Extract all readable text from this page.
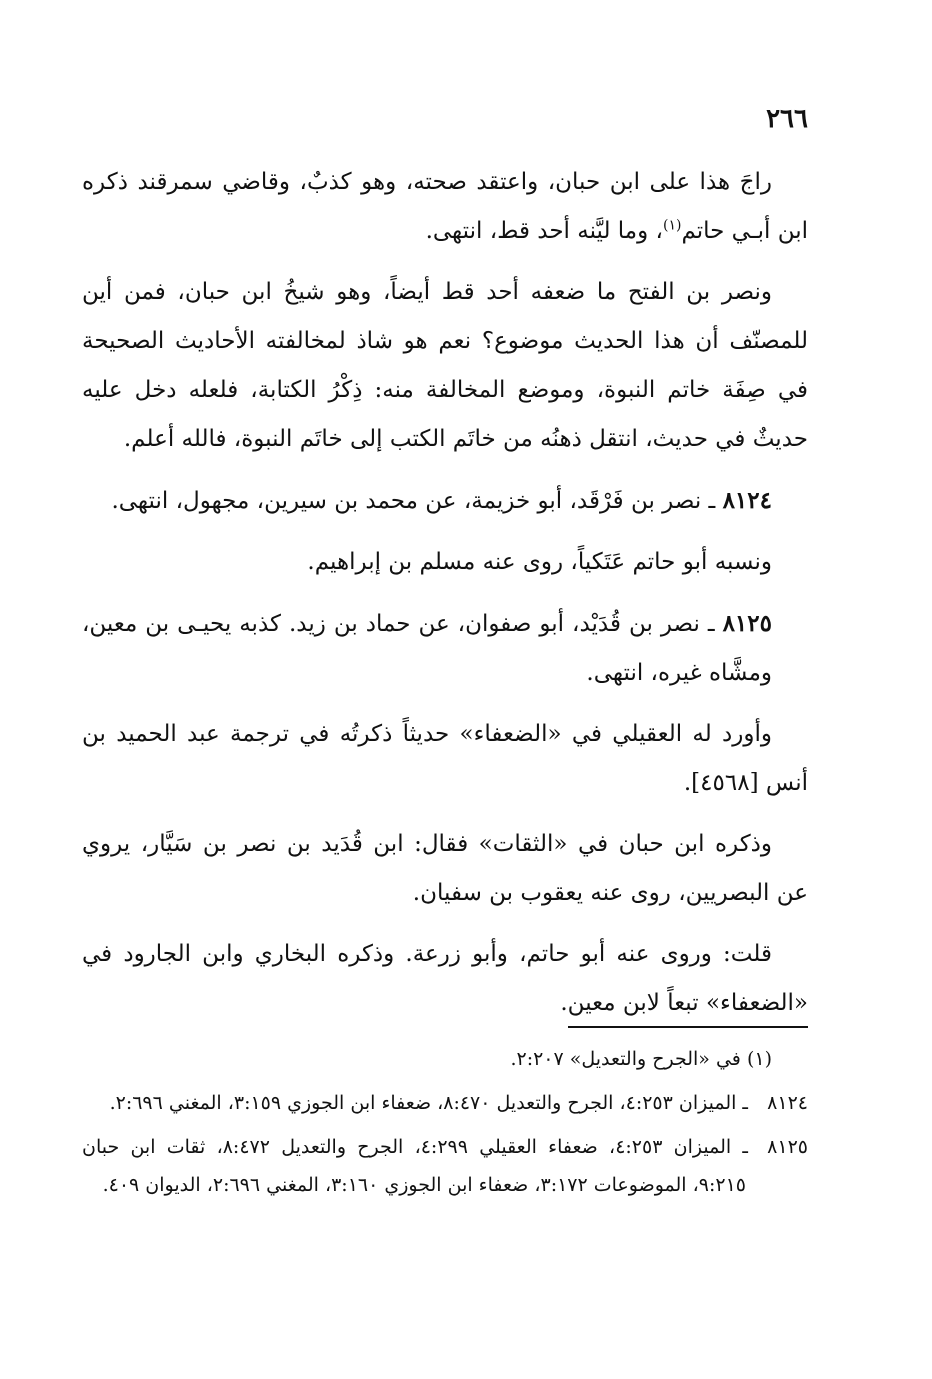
٢٦٦

راجَ هذا على ابن حبان، واعتقد صحته، وهو كذبٌ، وقاضي سمرقند ذكره ابن أبـي حاتم$^{(١)}$، وما ليَّنه أحد قط، انتهى.

ونصر بن الفتح ما ضعفه أحد قط أيضاً، وهو شيخُ ابن حبان، فمن أين للمصنّف أن هذا الحديث موضوع؟ نعم هو شاذ لمخالفته الأحاديث الصحيحة في صِفَة خاتم النبوة، وموضع المخالفة منه: ذِكْرُ الكتابة، فلعله دخل عليه حديثٌ في حديث، انتقل ذهنُه من خاتَم الكتب إلى خاتَم النبوة، فالله أعلم.

٨١٢٤ ـ نصر بن فَرْقَد، أبو خزيمة، عن محمد بن سيرين، مجهول، انتهى.

ونسبه أبو حاتم عَتَكياً، روى عنه مسلم بن إبراهيم.

٨١٢٥ ـ نصر بن قُدَيْد، أبو صفوان، عن حماد بن زيد. كذبه يحيـى بن معين، ومشَّاه غيره، انتهى.

وأورد له العقيلي في «الضعفاء» حديثاً ذكرتُه في ترجمة عبد الحميد بن أنس [٤٥٦٨].

وذكره ابن حبان في «الثقات» فقال: ابن قُدَيد بن نصر بن سَيَّار، يروي عن البصريين، روى عنه يعقوب بن سفيان.

قلت: وروى عنه أبو حاتم، وأبو زرعة. وذكره البخاري وابن الجارود في «الضعفاء» تبعاً لابن معين.

(١) في «الجرح والتعديل» ٢:٢٠٧.

٨١٢٤ـ الميزان ٤:٢٥٣، الجرح والتعديل ٨:٤٧٠، ضعفاء ابن الجوزي ٣:١٥٩، المغني ٢:٦٩٦.

٨١٢٥ـ الميزان ٤:٢٥٣، ضعفاء العقيلي ٤:٢٩٩، الجرح والتعديل ٨:٤٧٢، ثقات ابن حبان ٩:٢١٥، الموضوعات ٣:١٧٢، ضعفاء ابن الجوزي ٣:١٦٠، المغني ٢:٦٩٦، الديوان ٤٠٩.
